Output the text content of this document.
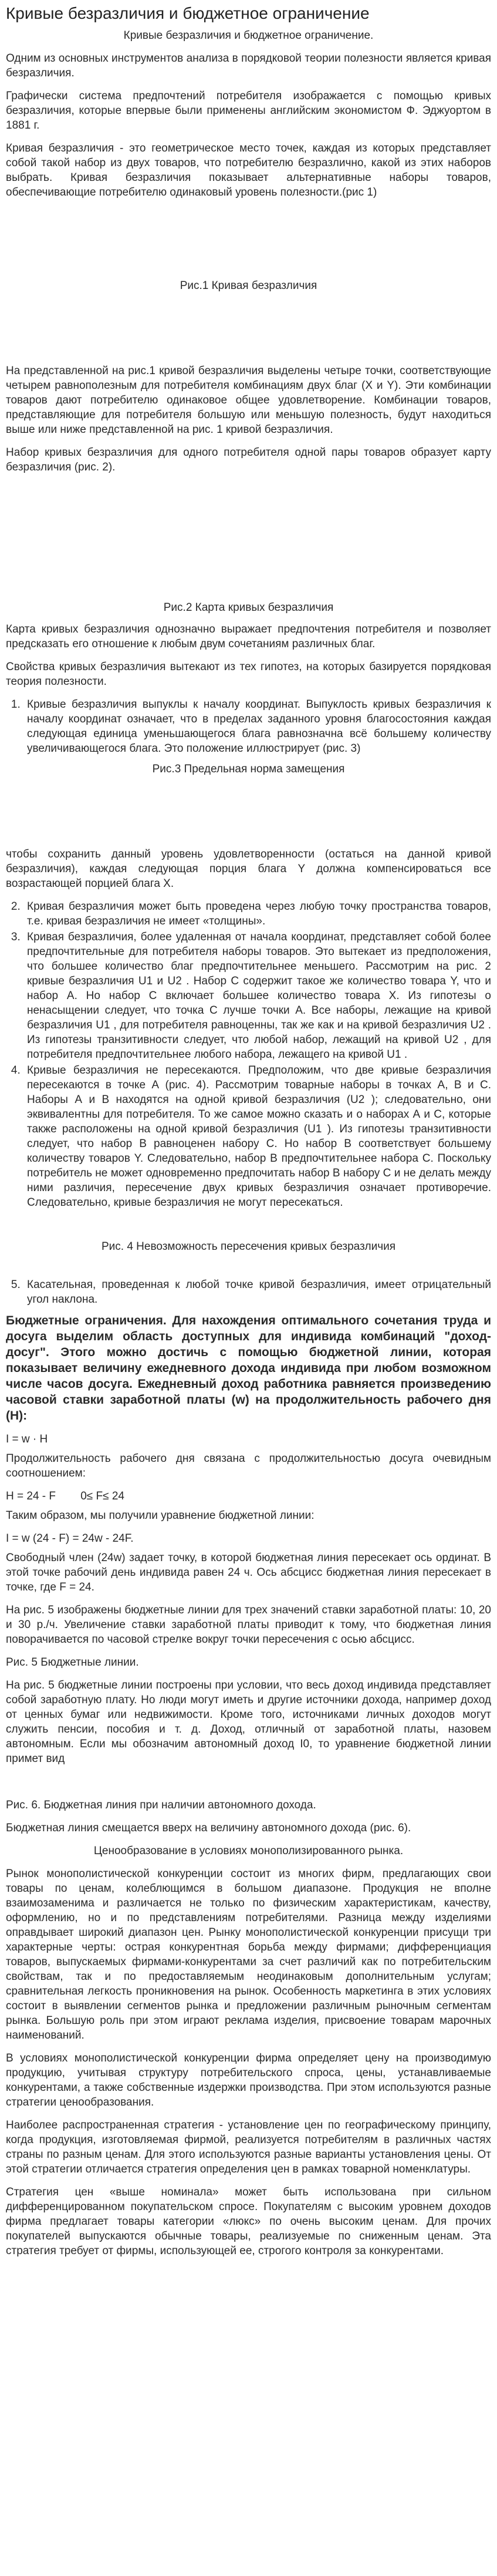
Кривые безразличия и бюджетное ограничение

Кривые безразличия и бюджетное ограничение.

Одним из основных инструментов анализа в порядковой теории полезности является кривая безразличия.

Графически система предпочтений потребителя изображается с помощью кривых безразличия, которые впервые были применены английским экономистом Ф. Эджуортом в 1881 г.

Кривая безразличия - это геометрическое место точек, каждая из которых представляет собой такой набор из двух товаров, что потребителю безразлично, какой из этих наборов выбрать. Кривая безразличия показывает альтернативные наборы товаров, обеспечивающие потребителю одинаковый уровень полезности.(рис 1)

Рис.1 Кривая безразличия

На представленной на рис.1 кривой безразличия выделены четыре точки, соответствующие четырем равнополезным для потребителя комбинациям двух благ (X и Y). Эти комбинации товаров дают потребителю одинаковое общее удовлетворение. Комбинации товаров, представляющие для потребителя большую или меньшую полезность, будут находиться выше или ниже представленной на рис. 1 кривой безразличия.

Набор кривых безразличия для одного потребителя одной пары товаров образует карту безразличия (рис. 2).

Рис.2 Карта кривых безразличия

Карта кривых безразличия однозначно выражает предпочтения потребителя и позволяет предсказать его отношение к любым двум сочетаниям различных благ.

Свойства кривых безразличия вытекают из тех гипотез, на которых базируется порядковая теория полезности.

1. Кривые безразличия выпуклы к началу координат. Выпуклость кривых безразличия к началу координат означает, что в пределах заданного уровня благосостояния каждая следующая единица уменьшающегося блага равнозначна всё большему количеству увеличивающегося блага. Это положение иллюстрирует (рис. 3)

Рис.3 Предельная норма замещения

чтобы сохранить данный уровень удовлетворенности (остаться на данной кривой безразличия), каждая следующая порция блага Y должна компенсироваться все возрастающей порцией блага X.

2. Кривая безразличия может быть проведена через любую точку пространства товаров, т.е. кривая безразличия не имеет «толщины».
3. Кривая безразличия, более удаленная от начала координат, представляет собой более предпочтительные для потребителя наборы товаров. Это вытекает из предположения, что большее количество благ предпочтительнее меньшего. Рассмотрим на рис. 2 кривые безразличия U1 и U2 . Набор С содержит такое же количество товара Y, что и набор А. Но набор С включает большее количество товара X. Из гипотезы о ненасыщении следует, что точка С лучше точки А. Все наборы, лежащие на кривой безразличия U1 , для потребителя равноценны, так же как и на кривой безразличия U2 . Из гипотезы транзитивности следует, что любой набор, лежащий на кривой U2 , для потребителя предпочтительнее любого набора, лежащего на кривой U1 .
4. Кривые безразличия не пересекаются. Предположим, что две кривые безразличия пересекаются в точке А (рис. 4). Рассмотрим товарные наборы в точках А, В и С. Наборы А и В находятся на одной кривой безразличия (U2 ); следовательно, они эквивалентны для потребителя. То же самое можно сказать и о наборах А и С, которые также расположены на одной кривой безразличия (U1 ). Из гипотезы транзитивности следует, что набор В равноценен набору С. Но набор В соответствует большему количеству товаров Y. Следовательно, набор В предпочтительнее набора С. Поскольку потребитель не может одновременно предпочитать набор В набору С и не делать между ними различия, пересечение двух кривых безразличия означает противоречие. Следовательно, кривые безразличия не могут пересекаться.

Рис. 4 Невозможность пересечения кривых безразличия

5. Касательная, проведенная к любой точке кривой безразличия, имеет отрицательный угол наклона.

Бюджетные ограничения. Для нахождения оптимального сочетания труда и досуга выделим область доступных для индивида комбинаций "доход-досуг". Этого можно достичь с помощью бюджетной линии, которая показывает величину ежедневного дохода индивида при любом возможном числе часов досуга. Ежедневный доход работника равняется произведению часовой ставки заработной платы (w) на продолжительность рабочего дня (H):

I = w · H

Продолжительность рабочего дня связана с продолжительностью досуга очевидным соотношением:

H = 24 - F        0≤ F≤ 24

Таким образом, мы получили уравнение бюджетной линии:

I = w (24 - F) = 24w - 24F.

Свободный член (24w) задает точку, в которой бюджетная линия пересекает ось ординат. В этой точке рабочий день индивида равен 24 ч. Ось абсцисс бюджетная линия пересекает в точке, где F = 24.

На рис. 5 изображены бюджетные линии для трех значений ставки заработной платы: 10, 20 и 30 р./ч. Увеличение ставки заработной платы приводит к тому, что бюджетная линия поворачивается по часовой стрелке вокруг точки пересечения с осью абсцисс.

Рис. 5 Бюджетные линии.

На рис. 5 бюджетные линии построены при условии, что весь доход индивида представляет собой заработную плату. Но люди могут иметь и другие источники дохода, например доход от ценных бумаг или недвижимости. Кроме того, источниками личных доходов могут служить пенсии, пособия и т. д. Доход, отличный от заработной платы, назовем автономным. Если мы обозначим автономный доход I0, то уравнение бюджетной линии примет вид

Рис. 6. Бюджетная линия при наличии автономного дохода.

Бюджетная линия смещается вверх на величину автономного дохода (рис. 6).

Ценообразование в условиях монополизированного рынка.

Рынок монополистической конкуренции состоит из многих фирм, предлагающих свои товары по ценам, колеблющимся в большом диапазоне. Продукция не вполне взаимозаменима и различается не только по физическим характеристикам, качеству, оформлению, но и по представлениям потребителями. Разница между изделиями оправдывает широкий диапазон цен. Рынку монополистической конкуренции присущи три характерные черты: острая конкурентная борьба между фирмами; дифференциация товаров, выпускаемых фирмами-конкурентами за счет различий как по потребительским свойствам, так и по предоставляемым неодинаковым дополнительным услугам; сравнительная легкость проникновения на рынок. Особенность маркетинга в этих условиях состоит в выявлении сегментов рынка и предложении различным рыночным сегментам рынка. Большую роль при этом играют реклама изделия, присвоение товарам марочных наименований.

В условиях монополистической конкуренции фирма определяет цену на производимую продукцию, учитывая структуру потребительского спроса, цены, устанавливаемые конкурентами, а также собственные издержки производства. При этом используются разные стратегии ценообразования.

Наиболее распространенная стратегия - установление цен по географическому принципу, когда продукция, изготовляемая фирмой, реализуется потребителям в различных частях страны по разным ценам. Для этого используются разные варианты установления цены. От этой стратегии отличается стратегия определения цен в рамках товарной номенклатуры.

Стратегия цен «выше номинала» может быть использована при сильном дифференцированном покупательском спросе. Покупателям с высоким уровнем доходов фирма предлагает товары категории «люкс» по очень высоким ценам. Для прочих покупателей выпускаются обычные товары, реализуемые по сниженным ценам. Эта стратегия требует от фирмы, использующей ее, строгого контроля за конкурентами.
